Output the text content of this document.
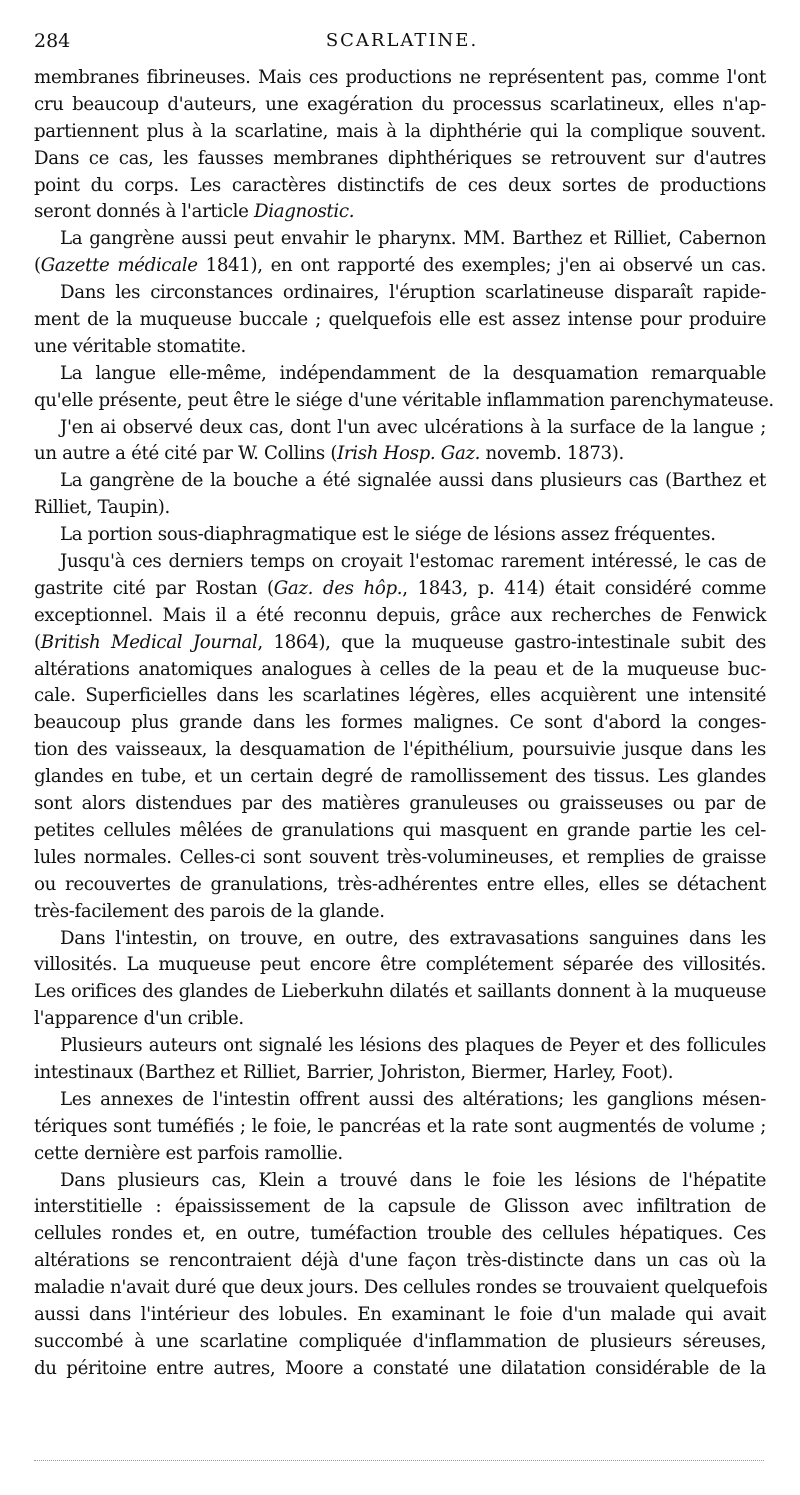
284	SCARLATINE.
membranes fibrineuses. Mais ces productions ne représentent pas, comme l'ont
cru beaucoup d'auteurs, une exagération du processus scarlatineux, elles n'ap-
partiennent plus à la scarlatine, mais à la diphthérie qui la complique souvent.
Dans ce cas, les fausses membranes diphthériques se retrouvent sur d'autres
point du corps. Les caractères distinctifs de ces deux sortes de productions
seront donnés à l'article Diagnostic.
La gangrène aussi peut envahir le pharynx. MM. Barthez et Rilliet, Cabernon
(Gazette médicale 1841), en ont rapporté des exemples; j'en ai observé un cas.
Dans les circonstances ordinaires, l'éruption scarlatineuse disparaît rapide-
ment de la muqueuse buccale ; quelquefois elle est assez intense pour produire
une véritable stomatite.
La langue elle-même, indépendamment de la desquamation remarquable
qu'elle présente, peut être le siége d'une véritable inflammation parenchymateuse.
J'en ai observé deux cas, dont l'un avec ulcérations à la surface de la langue ;
un autre a été cité par W. Collins (Irish Hosp. Gaz. novemb. 1873).
La gangrène de la bouche a été signalée aussi dans plusieurs cas (Barthez et
Rilliet, Taupin).
La portion sous-diaphragmatique est le siége de lésions assez fréquentes.
Jusqu'à ces derniers temps on croyait l'estomac rarement intéressé, le cas de
gastrite cité par Rostan (Gaz. des hôp., 1843, p. 414) était considéré comme
exceptionnel. Mais il a été reconnu depuis, grâce aux recherches de Fenwick
(British Medical Journal, 1864), que la muqueuse gastro-intestinale subit des
altérations anatomiques analogues à celles de la peau et de la muqueuse buc-
cale. Superficielles dans les scarlatines légères, elles acquièrent une intensité
beaucoup plus grande dans les formes malignes. Ce sont d'abord la conges-
tion des vaisseaux, la desquamation de l'épithélium, poursuivie jusque dans les
glandes en tube, et un certain degré de ramollissement des tissus. Les glandes
sont alors distendues par des matières granuleuses ou graisseuses ou par de
petites cellules mêlées de granulations qui masquent en grande partie les cel-
lules normales. Celles-ci sont souvent très-volumineuses, et remplies de graisse
ou recouvertes de granulations, très-adhérentes entre elles, elles se détachent
très-facilement des parois de la glande.
Dans l'intestin, on trouve, en outre, des extravasations sanguines dans les
villosités. La muqueuse peut encore être complétement séparée des villosités.
Les orifices des glandes de Lieberkuhn dilatés et saillants donnent à la muqueuse
l'apparence d'un crible.
Plusieurs auteurs ont signalé les lésions des plaques de Peyer et des follicules
intestinaux (Barthez et Rilliet, Barrier, Johriston, Biermer, Harley, Foot).
Les annexes de l'intestin offrent aussi des altérations; les ganglions mésen-
tériques sont tuméfiés ; le foie, le pancréas et la rate sont augmentés de volume ;
cette dernière est parfois ramollie.
Dans plusieurs cas, Klein a trouvé dans le foie les lésions de l'hépatite
interstitielle : épaississement de la capsule de Glisson avec infiltration de
cellules rondes et, en outre, tuméfaction trouble des cellules hépatiques. Ces
altérations se rencontraient déjà d'une façon très-distincte dans un cas où la
maladie n'avait duré que deux jours. Des cellules rondes se trouvaient quelquefois
aussi dans l'intérieur des lobules. En examinant le foie d'un malade qui avait
succombé à une scarlatine compliquée d'inflammation de plusieurs séreuses,
du péritoine entre autres, Moore a constaté une dilatation considérable de la
